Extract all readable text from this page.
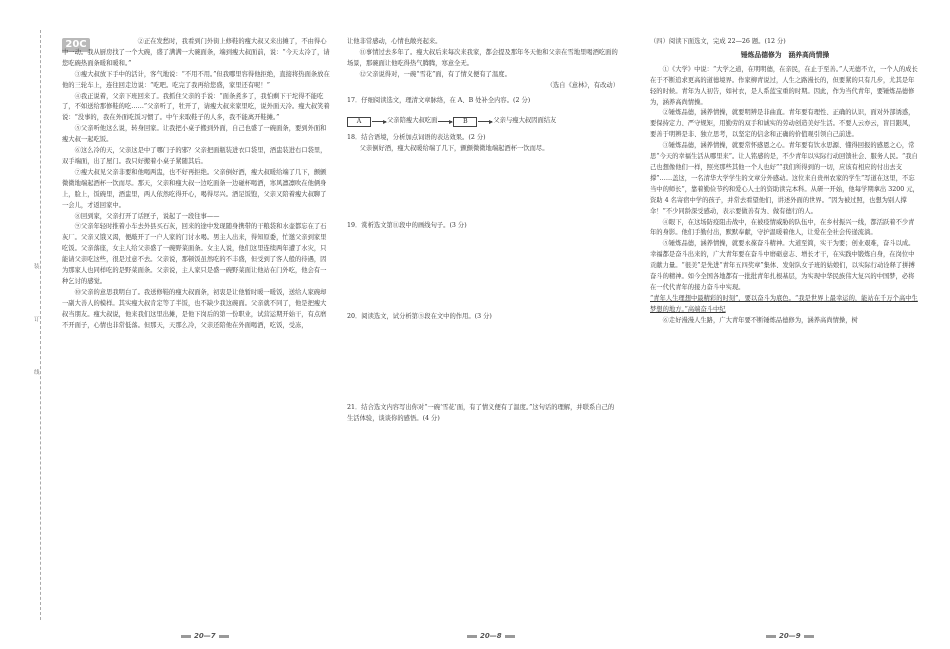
装
订
线
20C	②正在发愁时，我看到门外街上修鞋的瘦大叔又来出摊了，不由得心中一动。我从厨房找了一个大碗，盛了满满一大碗面条，端到瘦大叔面前，说：“今天太冷了，请您吃碗热面条暖和暖和。”

③瘦大叔放下手中的活计，客气地说：“不用不用。”但我哪里容得他拒绝，直接将热面条放在他的三轮车上，连往回走边说：“吃吧。吃完了我再给您盛，家里还有呢！”

④我正说着，父亲下班回来了。我抓住父亲的手说：“面条煮多了，我怕剩下干坨得不能吃了，不如送给那修鞋的吃……”父亲听了，牡开了，请瘦大叔来家里吃，说外面天冷。瘦大叔笑着说：“没事的，我在外面吃饭习惯了。中午来取鞋子的人多，我不能离开鞋摊。”

⑤父亲听他这么说，转身回家。让我把小桌子搬到外面，自己也盛了一碗面条，要到外面和瘦大叔一起吃饭。

⑥这么冷的天，父亲这是中了哪门子的邪？父亲把面瓶装进衣口袋里，酒盅装进右口袋里，双手端面，出了屋门。我只好搬着小桌子紧随其后。

⑦瘦大叔见父亲非要和他喝两盅，也不好再拒绝。父亲倒好酒，瘦大叔暖给端了几下，颤颤微微地端起酒杯一饮而尽。那天，父亲和瘦大叔一边吃面条一边碰杯喝酒，寒风凛凛吹在他俩身上，脸上，饭碗里，酒盅里，两人依然吃得开心，喝得尽兴。酒足饭饱，父亲又陪着瘦大叔聊了一会儿，才返回家中。

⑧回到家，父亲打开了话匣子，说起了一段往事——

⑨父亲年轻时推着小车去外县买石灰，回来的途中发现随身携带的干粮袋和水壶都忘在了石灰厂。父亲又饿又渴，便敲开了一户人家的门讨水喝。男主人出来，得知原委，忙邀父亲到家里吃饭。父亲落座，女主人给父亲盛了一碗野菜面条。女主人说，他们这里连续两年遭了水灾，只能请父亲吃这些，很是过意不去。父亲说，那顿饭虽然吃的不丰盛，但受到了客人般的待遇，因为那家人也同样吃的是野菜面条。父亲说，主人家只是盛一碗野菜面让他站在门外吃，他会有一种乞讨的感觉。

⑩父亲的意思我明白了。我送修鞋的瘦大叔面条，初衷是让他暂时暖一暖饭，送给人家碗却一副大善人的模样。其实瘦大叔肯定等了半饭，也不缺少我这碗面。父亲就不同了，他是把瘦大叔当朋友。瘦大叔说，他来我们这里出摊，是他下岗后的第一份职业，试营运期开始干，有点磨不开面子，心情也非常低落。但那天，天那么冷，父亲还陪他在外面喝酒，吃饭，受冻，

让他非常感动，心情也敞亮起来。

⑪事情过去多年了。瘦大叔后来每次来我家，都会提及那年冬天他和父亲在雪地里喝酒吃面的场景，那碗面让他吃得热气腾腾，寒意全无。

⑫父亲说得对，一碗“雪花”面，有了情义便有了温度。

（选自《意林》，有改动）

17．仔细阅读选文，理清文章脉络，在 A、B 处补全内容。(2 分)

A	父亲陪瘦大叔吃面	B	父亲与瘦大叔因面结友

18．结合语境，分析加点词语的表达效果。(2 分)

父亲倒好酒，瘦大叔暖给端了几下，颤颤微微地端起酒杯一饮而尽。

19．赏析选文第⑪段中的画线句子。(3 分)

20．阅读选文，试分析第⑤段在文中的作用。(3 分)

21．结合选文内容写出你对“一碗‘雪花’面，有了情义便有了温度。”这句话的理解，并联系自己的生活体验，谈谈你的感悟。(4 分)

（四）阅读下面选文，完成 22—26 题。(12 分)

锤炼品德修为　涵养高尚情操

①《大学》中说：“大学之道，在明明德，在亲民，在止于至善。”人无德不立，一个人的成长在于不断追求更高的道德境界。作家柳青说过，人生之路漫长的，但要紧的只有几步，尤其是年轻的时候。青年为人初告，如衬衣，是人系蓝宝重的时期。因此，作为当代青年，要锤炼品德修为，涵养高尚情操。

②锤炼品德，涵养情操，就要明辨是非曲直。青年要有理性、正确的认识，面对外部诱惑，要保持定力、严守规矩，用勤劳的双手和诚实的劳动创造美好生活。不要人云亦云，盲目跟风，要善于明辨是非、独立思考，以坚定的信念和正确的价值观引领自己前进。

③锤炼品德，涵养情操，就要常怀感恩之心。青年要有饮水思源、懂得回报的感恩之心，常思“今天的幸福生活从哪里来”。让人铭感的是，不少青年以实际行动回馈社会、服务人民。“我自己也想像他们一样，照亮那些其他一个人也好”“我们所得到的一切，应该有相应的付出去支撑”……盖这，一名清华大学学生的文章分外感动。这位来自贵州农家的学生“写道在这里，不忘当中的师长”，靠着勤俭节约和爱心人士的资助读完本科。从研一开始，他每学期拿出 3200 元，资助 4 名寄宿中学的孩子，并常去看望他们，讲述外面的世界。“因为被过照，也想为别人撑伞！”不少同龄深受感动，表示要做善有为、做有德行的人。

④眼下，在这场防疫阻击战中，在被疫情威胁的队伍中，在乡村振兴一线，都活跃着不少青年的身影。他们手勤付出，默默奉献，守护温暖着他人，让爱在全社会传递流淌。

⑤锤炼品德，涵养情操，就要永葆奋斗精神。大道至简，实干为要；创业艰难，奋斗以成。幸福都是奋斗出来的，广大青年要在奋斗中磨砺意志、增长才干，在实践中锻炼自身，在岗位中贡献力量。“很美”是先进“青年五四奖章”集体、发射队女子班的姑娘们，以实际行动诠释了拼搏奋斗的精神。如今全国各地都有一批批青年扎根基层，为实现中华民族伟大复兴的中国梦，必将在一代代青年的接力奋斗中实现。

“青年人生理想中最精彩的时刻”，要以奋斗为底色。“我是世界上最幸运的，能站在千万个高中生梦想的地方。”高端奋斗中纪

⑥走好漫漫人生路，广大青年要不断锤炼品德修为，涵养高尚情操，树

20—7	20—8	20—9
